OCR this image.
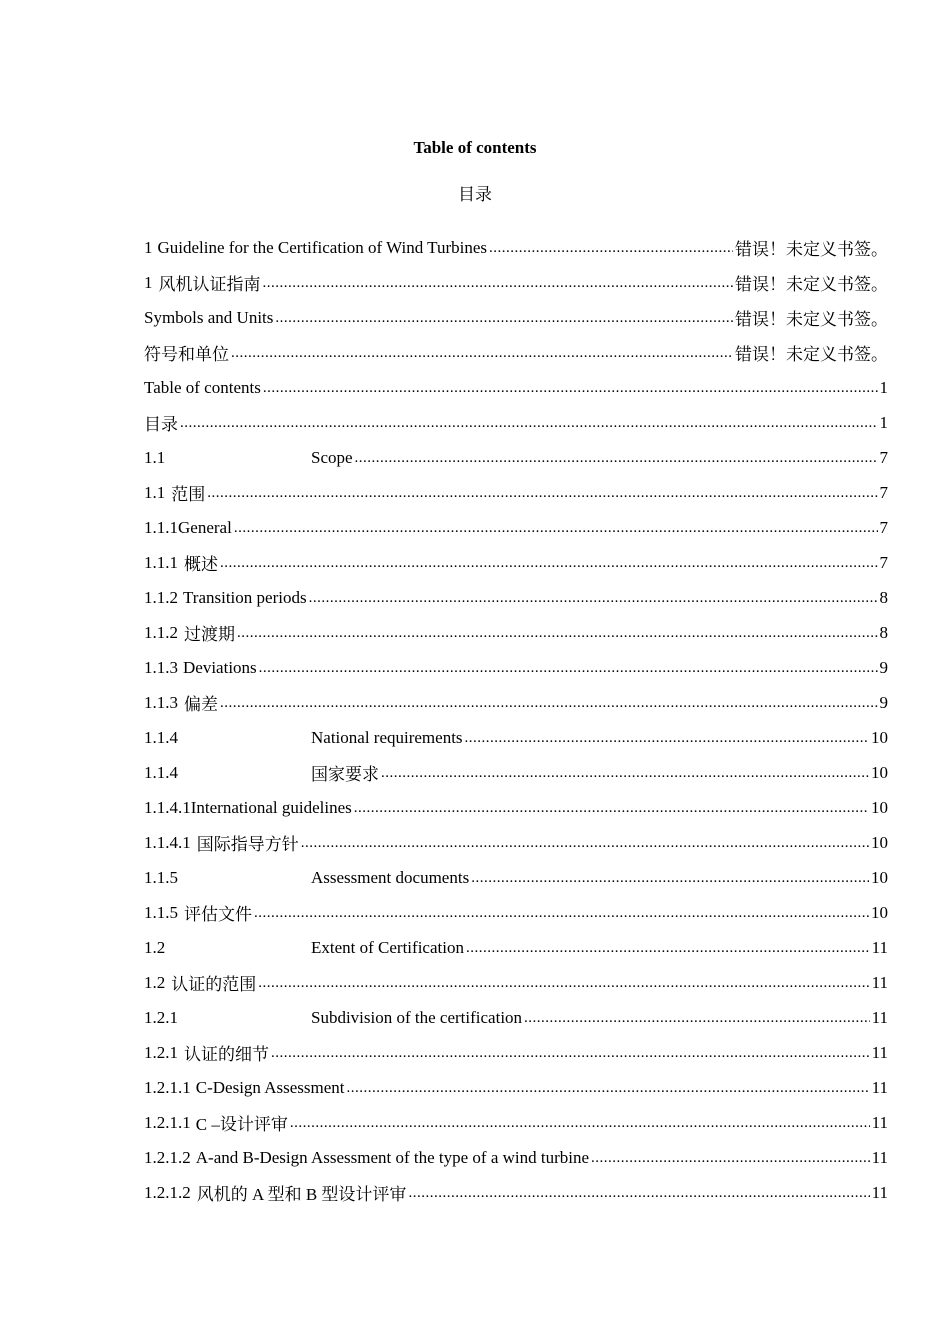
Table of contents
目录
1 Guideline for the Certification of Wind Turbines .....	错误！未定义书签。
1 风机认证指南 .....	错误！未定义书签。
Symbols and Units .....	错误！未定义书签。
符号和单位 .....	错误！未定义书签。
Table of contents .....	1
目录 .....	1
1.1	Scope .....	7
1.1 范围 .....	7
1.1.1 General .....	7
1.1.1 概述 .....	7
1.1.2 Transition periods .....	8
1.1.2 过渡期 .....	8
1.1.3 Deviations .....	9
1.1.3 偏差 .....	9
1.1.4	National requirements .....	10
1.1.4	国家要求 .....	10
1.1.4.1 International guidelines .....	10
1.1.4.1 国际指导方针 .....	10
1.1.5	Assessment documents .....	10
1.1.5 评估文件 .....	10
1.2	Extent of Certification .....	11
1.2 认证的范围 .....	11
1.2.1	Subdivision of the certification .....	11
1.2.1 认证的细节 .....	11
1.2.1.1 C-Design Assessment .....	11
1.2.1.1 C –设计评审 .....	11
1.2.1.2 A-and B-Design Assessment of the type of a wind turbine .....	11
1.2.1.2 风机的 A 型和 B 型设计评审 .....	11
